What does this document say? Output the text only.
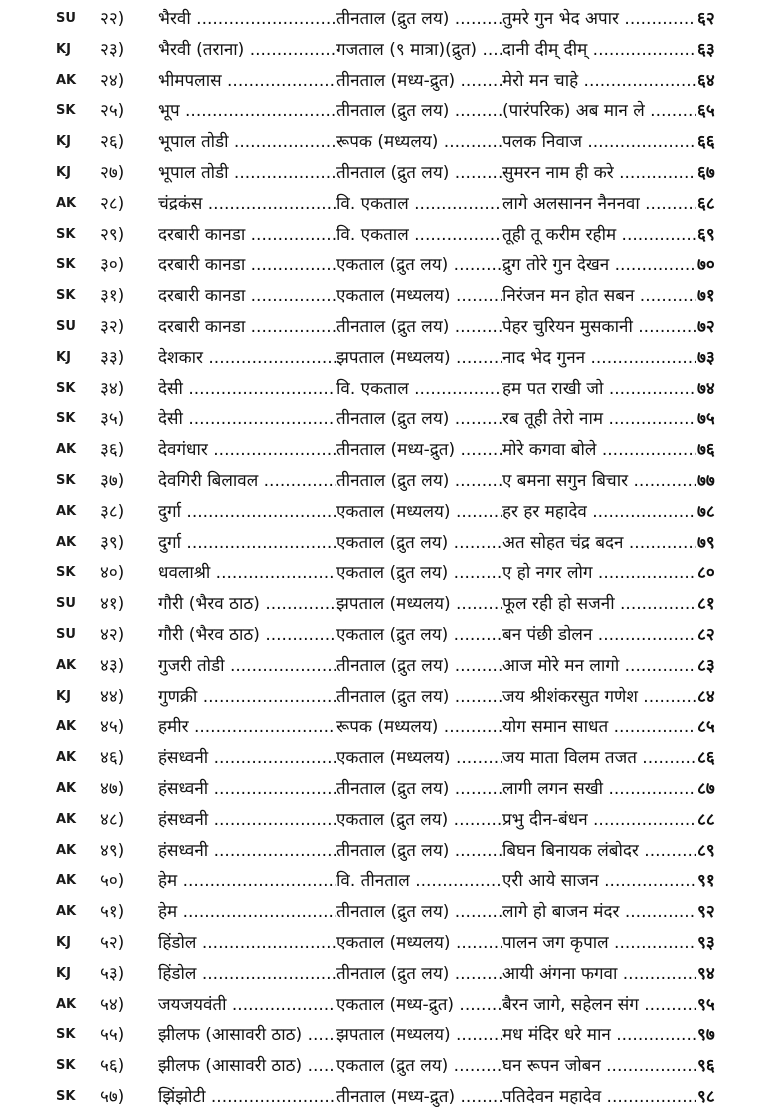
SU	२२)	भैरवी .....	तीनताल (द्रुत लय) .....	तुमरे गुन भेद अपार .....	६२
KJ	२३)	भैरवी (तराना) .....	गजताल (९ मात्रा)(द्रुत) .....	दानी दीम् दीम् .....	६३
AK	२४)	भीमपलास .....	तीनताल (मध्य-द्रुत) .....	मेरो मन चाहे .....	६४
SK	२५)	भूप .....	तीनताल (द्रुत लय) .....	(पारंपरिक) अब मान ले .....	६५
KJ	२६)	भूपाल तोडी .....	रूपक (मध्यलय) .....	पलक निवाज .....	६६
KJ	२७)	भूपाल तोडी .....	तीनताल (द्रुत लय) .....	सुमरन नाम ही करे .....	६७
AK	२८)	चंद्रकंस .....	वि. एकताल .....	लागे अलसानन नैननवा .....	६८
SK	२९)	दरबारी कानडा .....	वि. एकताल .....	तूही तू करीम रहीम .....	६९
SK	३०)	दरबारी कानडा .....	एकताल (द्रुत लय) .....	द्रुग तोरे गुन देखन .....	७०
SK	३१)	दरबारी कानडा .....	एकताल (मध्यलय) .....	निरंजन मन होत सबन .....	७१
SU	३२)	दरबारी कानडा .....	तीनताल (द्रुत लय) .....	पेहर चुरियन मुसकानी .....	७२
KJ	३३)	देशकार .....	झपताल (मध्यलय) .....	नाद भेद गुनन .....	७३
SK	३४)	देसी .....	वि. एकताल .....	हम पत राखी जो .....	७४
SK	३५)	देसी .....	तीनताल (द्रुत लय) .....	रब तूही तेरो नाम .....	७५
AK	३६)	देवगंधार .....	तीनताल (मध्य-द्रुत) .....	मोरे कगवा बोले .....	७६
SK	३७)	देवगिरी बिलावल .....	तीनताल (द्रुत लय) .....	ए बमना सगुन बिचार .....	७७
AK	३८)	दुर्गा .....	एकताल (मध्यलय) .....	हर हर महादेव .....	७८
AK	३९)	दुर्गा .....	एकताल (द्रुत लय) .....	अत सोहत चंद्र बदन .....	७९
SK	४०)	धवलाश्री .....	एकताल (द्रुत लय) .....	ए हो नगर लोग .....	८०
SU	४१)	गौरी (भैरव ठाठ) .....	झपताल (मध्यलय) .....	फूल रही हो सजनी .....	८१
SU	४२)	गौरी (भैरव ठाठ) .....	एकताल (द्रुत लय) .....	बन पंछी डोलन .....	८२
AK	४३)	गुजरी तोडी .....	तीनताल (द्रुत लय) .....	आज मोरे मन लागो .....	८३
KJ	४४)	गुणक्री .....	तीनताल (द्रुत लय) .....	जय श्रीशंकरसुत गणेश .....	८४
AK	४५)	हमीर .....	रूपक (मध्यलय) .....	योग समान साधत .....	८५
AK	४६)	हंसध्वनी .....	एकताल (मध्यलय) .....	जय माता विलम तजत .....	८६
AK	४७)	हंसध्वनी .....	तीनताल (द्रुत लय) .....	लागी लगन सखी .....	८७
AK	४८)	हंसध्वनी .....	एकताल (द्रुत लय) .....	प्रभु दीन-बंधन .....	८८
AK	४९)	हंसध्वनी .....	तीनताल (द्रुत लय) .....	बिघन बिनायक लंबोदर .....	८९
AK	५०)	हेम .....	वि. तीनताल .....	एरी आये साजन .....	९१
AK	५१)	हेम .....	तीनताल (द्रुत लय) .....	लागे हो बाजन मंदर .....	९२
KJ	५२)	हिंडोल .....	एकताल (मध्यलय) .....	पालन जग कृपाल .....	९३
KJ	५३)	हिंडोल .....	तीनताल (द्रुत लय) .....	आयी अंगना फगवा .....	९४
AK	५४)	जयजयवंती .....	एकताल (मध्य-द्रुत) .....	बैरन जागे, सहेलन संग .....	९५
SK	५५)	झीलफ (आसावरी ठाठ) .....	झपताल (मध्यलय) .....	मध मंदिर धरे मान .....	९७
SK	५६)	झीलफ (आसावरी ठाठ) .....	एकताल (द्रुत लय) .....	घन रूपन जोबन .....	९६
SK	५७)	झिंझोटी .....	तीनताल (मध्य-द्रुत) .....	पतिदेवन महादेव .....	९८
